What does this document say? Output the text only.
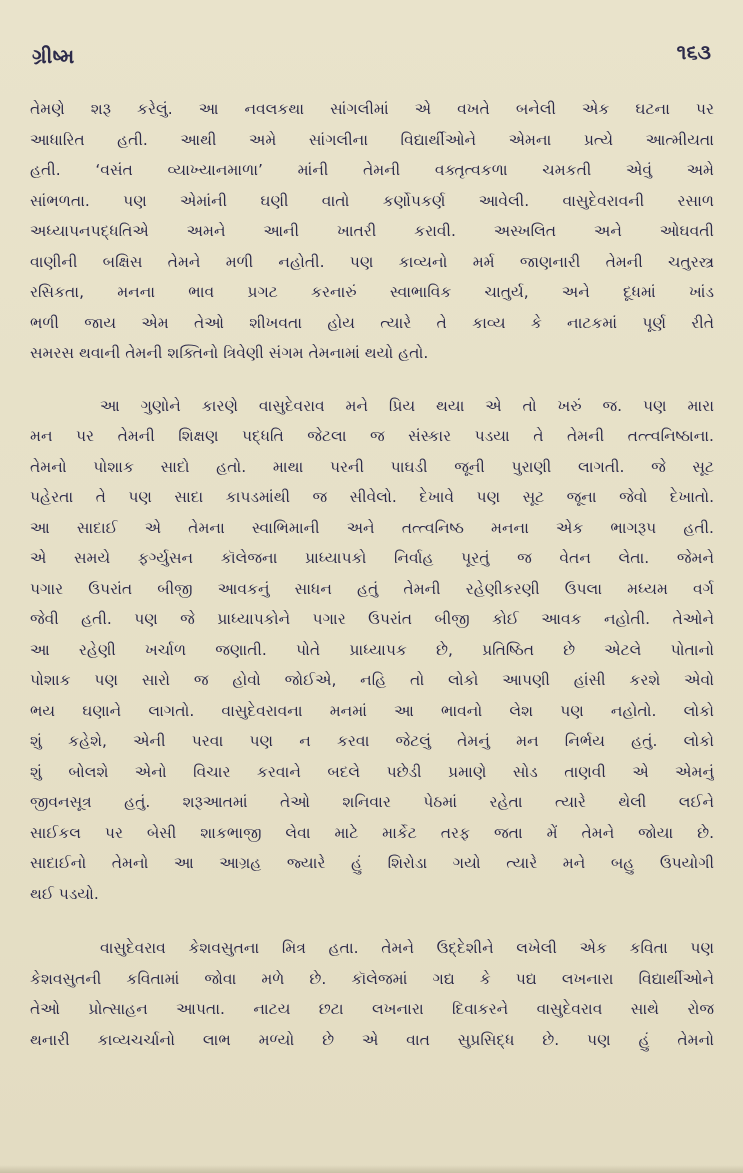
ગ્રીષ્મ	૧૬૩

તેમણે શરૂ કરેલું. આ નવલકથા સાંગલીમાં એ વખતે બનેલી એક ઘટના પર
આધારિત હતી. આથી અમે સાંગલીના વિદ્યાર્થીઓને એમના પ્રત્યે આત્મીયતા
હતી. ‘વસંત વ્યાખ્યાનમાળા’ માંની તેમની વક્તૃત્વકળા ચમકતી એવું અમે
સાંભળતા. પણ એમાંની ઘણી વાતો કર્ણોપકર્ણ આવેલી. વાસુદેવરાવની રસાળ
અધ્યાપનપદ્ધતિએ અમને આની ખાતરી કરાવી. અસ્ખલિત અને ઓઘવતી
વાણીની બક્ષિસ તેમને મળી નહોતી. પણ કાવ્યનો મર્મ જાણનારી તેમની ચતુરસ્ત્ર
રસિકતા, મનના ભાવ પ્રગટ કરનારું સ્વાભાવિક ચાતુર્ય, અને દૂધમાં ખાંડ
ભળી જાય એમ તેઓ શીખવતા હોય ત્યારે તે કાવ્ય કે નાટકમાં પૂર્ણ રીતે
સમરસ થવાની તેમની શક્તિનો ત્રિવેણી સંગમ તેમનામાં થયો હતો.

આ ગુણોને કારણે વાસુદેવરાવ મને પ્રિય થયા એ તો ખરું જ. પણ મારા
મન પર તેમની શિક્ષણ પદ્ધતિ જેટલા જ સંસ્કાર પડયા તે તેમની તત્ત્વનિષ્ઠાના.
તેમનો પોશાક સાદો હતો. માથા પરની પાઘડી જૂની પુરાણી લાગતી. જે સૂટ
પહેરતા તે પણ સાદા કાપડમાંથી જ સીવેલો. દેખાવે પણ સૂટ જૂના જેવો દેખાતો.
આ સાદાઈ એ તેમના સ્વાભિમાની અને તત્ત્વનિષ્ઠ મનના એક ભાગરૂપ હતી.
એ સમયે ફર્ગ્યુસન કૉલેજના પ્રાધ્યાપકો નિર્વાહ પૂરતું જ વેતન લેતા. જેમને
પગાર ઉપરાંત બીજી આવકનું સાધન હતું તેમની રહેણીકરણી ઉપલા મધ્યમ વર્ગ
જેવી હતી. પણ જે પ્રાધ્યાપકોને પગાર ઉપરાંત બીજી કોઈ આવક નહોતી. તેઓને
આ રહેણી ખર્ચાળ જણાતી. પોતે પ્રાધ્યાપક છે, પ્રતિષ્ઠિત છે એટલે પોતાનો
પોશાક પણ સારો જ હોવો જોઈએ, નહિ તો લોકો આપણી હાંસી કરશે એવો
ભય ઘણાને લાગતો. વાસુદેવરાવના મનમાં આ ભાવનો લેશ પણ નહોતો. લોકો
શું કહેશે, એની પરવા પણ ન કરવા જેટલું તેમનું મન નિર્ભય હતું. લોકો
શું બોલશે એનો વિચાર કરવાને બદલે પછેડી પ્રમાણે સોડ તાણવી એ એમનું
જીવનસૂત્ર હતું. શરૂઆતમાં તેઓ શનિવાર પેઠમાં રહેતા ત્યારે થેલી લઈને
સાઈકલ પર બેસી શાકભાજી લેવા માટે માર્કેટ તરફ જતા મેં તેમને જોયા છે.
સાદાઈનો તેમનો આ આગ્રહ જ્યારે હું શિરોડા ગયો ત્યારે મને બહુ ઉપયોગી
થઈ પડયો.

વાસુદેવરાવ કેશવસુતના મિત્ર હતા. તેમને ઉદ્દેશીને લખેલી એક કવિતા પણ
કેશવસુતની કવિતામાં જોવા મળે છે. કૉલેજમાં ગદ્ય કે પદ્ય લખનારા વિદ્યાર્થીઓને
તેઓ પ્રોત્સાહન આપતા. નાટય છટા લખનારા દિવાકરને વાસુદેવરાવ સાથે રોજ
થનારી કાવ્યચર્ચાનો લાભ મળ્યો છે એ વાત સુપ્રસિદ્ધ છે. પણ હું તેમનો
